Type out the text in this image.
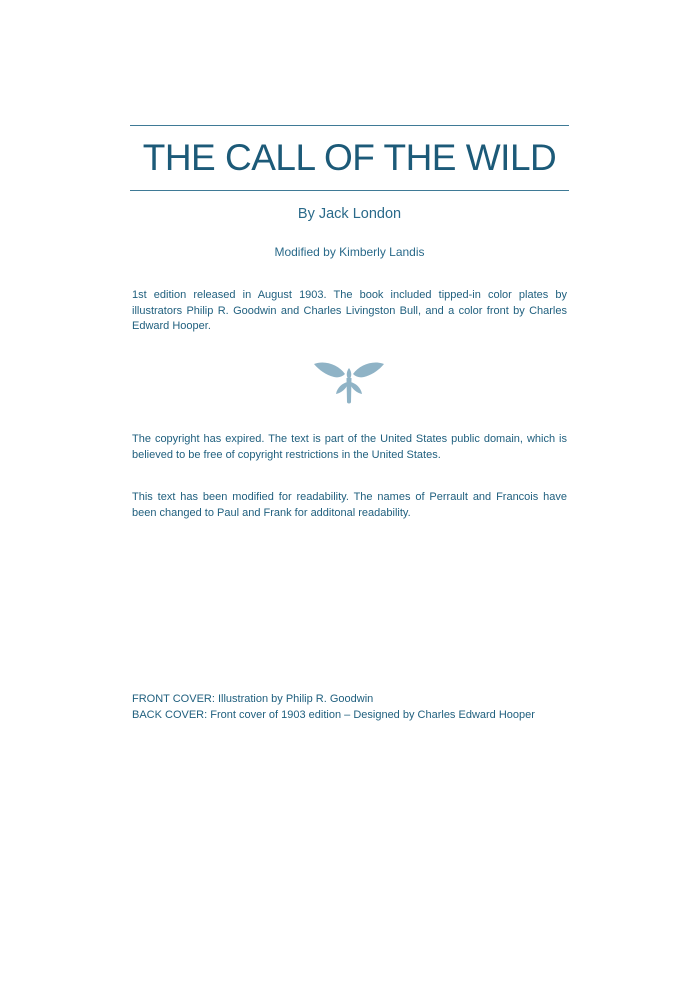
THE CALL OF THE WILD
By Jack London
Modified by Kimberly Landis

1st edition released in August 1903. The book included tipped-in color plates by illustrators Philip R. Goodwin and Charles Livingston Bull, and a color front by Charles Edward Hooper.

The copyright has expired. The text is part of the United States public domain, which is believed to be free of copyright restrictions in the United States.

This text has been modified for readability. The names of Perrault and Francois have been changed to Paul and Frank for additonal readability.

FRONT COVER: Illustration by Philip R. Goodwin
BACK COVER: Front cover of 1903 edition – Designed by Charles Edward Hooper
